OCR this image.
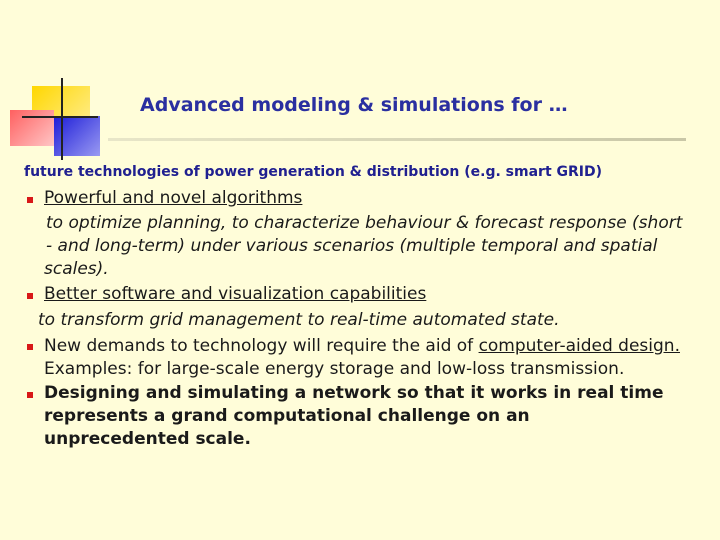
Advanced modeling & simulations for …
future technologies of power generation & distribution (e.g. smart GRID)
Powerful and novel algorithms
to optimize planning, to characterize behaviour & forecast response (short
- and long-term) under various scenarios (multiple temporal and spatial
scales).
Better software and visualization capabilities
to transform grid management to real-time automated state.
New demands to technology will require the aid of computer-aided design.
Examples: for large-scale energy storage and low-loss transmission.
Designing and simulating a network so that it works in real time
represents a grand computational challenge on an
unprecedented scale.
